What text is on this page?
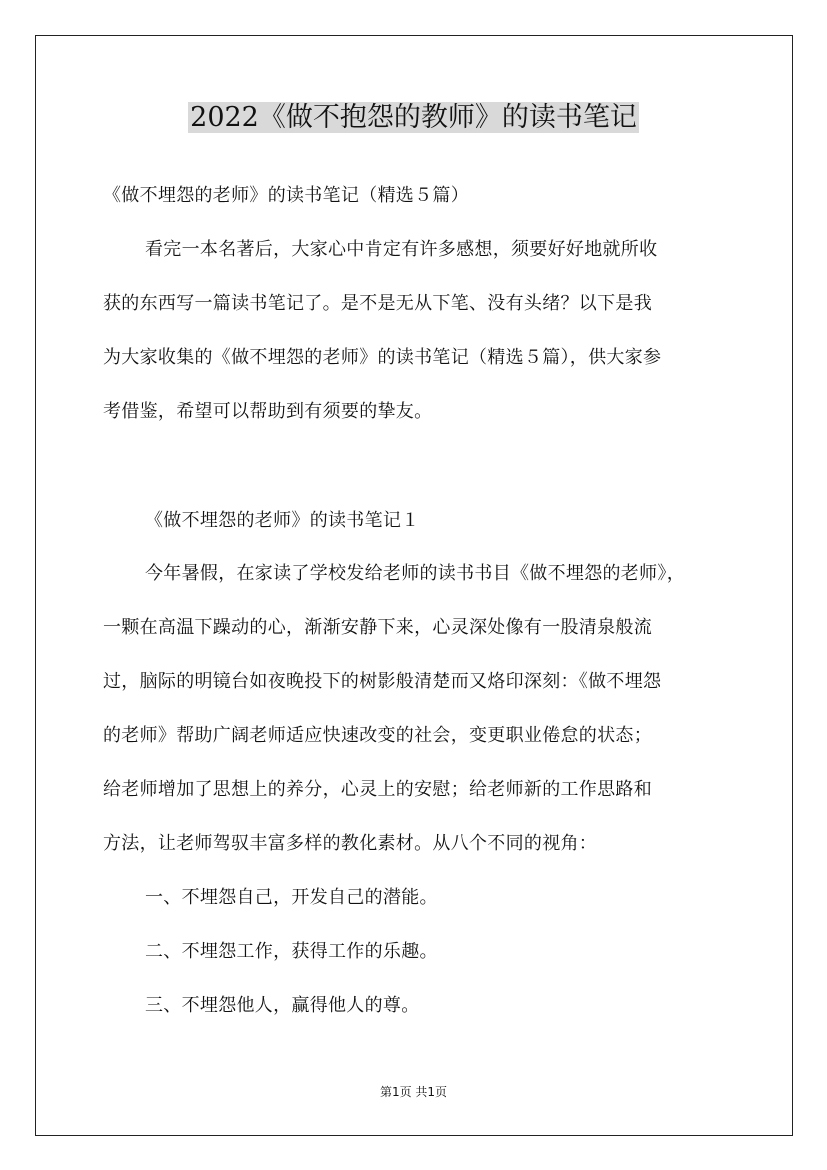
2022《做不抱怨的教师》的读书笔记
《做不埋怨的老师》的读书笔记（精选５篇）
看完一本名著后，大家心中肯定有许多感想，须要好好地就所收
获的东西写一篇读书笔记了。是不是无从下笔、没有头绪？以下是我
为大家收集的《做不埋怨的老师》的读书笔记（精选５篇），供大家参
考借鉴，希望可以帮助到有须要的挚友。
《做不埋怨的老师》的读书笔记１
今年暑假，在家读了学校发给老师的读书书目《做不埋怨的老师》，
一颗在高温下躁动的心，渐渐安静下来，心灵深处像有一股清泉般流
过，脑际的明镜台如夜晚投下的树影般清楚而又烙印深刻：《做不埋怨
的老师》帮助广阔老师适应快速改变的社会，变更职业倦怠的状态；
给老师增加了思想上的养分，心灵上的安慰；给老师新的工作思路和
方法，让老师驾驭丰富多样的教化素材。从八个不同的视角：
一、不埋怨自己，开发自己的潜能。
二、不埋怨工作，获得工作的乐趣。
三、不埋怨他人，赢得他人的尊。
第1页 共1页
